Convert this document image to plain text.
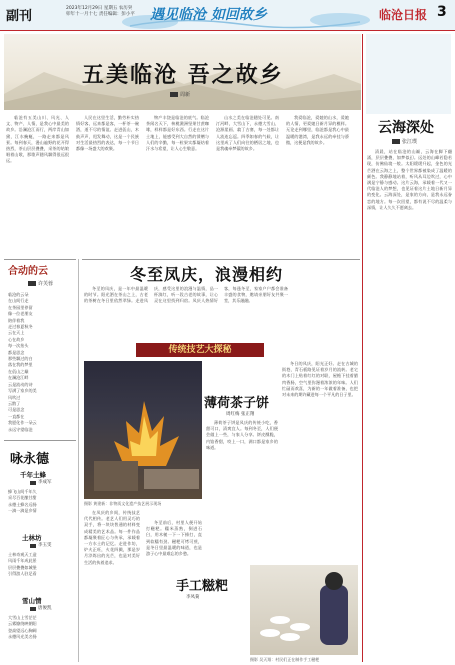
副刊
2023年12月29日 星期五 农历癸卯年十一月十七 责任编辑：彭小平 遇见临沧 如回故乡	临沧日报 3
五美临沧 吾之故乡
周新
临沧有五美山川、风光、人文、物产、人情，是我心中最美的故乡。沿澜沧江而行，两岸青山如黛，江水蜿蜒，一路走来都是风景。每到春天，漫山遍野的花开得热烈，茶山层层叠叠，采茶的姑娘唱着山歌，那歌声随风飘得很远很远。
人民在这里生活，勤劳朴实热情好客，远来都是客，一杯茶一碗酒，道不尽的情谊。走进佤山，木鼓声声，甩发舞动，这是一个民族对生活最热烈的表达，每一个节日都像一场盛大的欢聚。
物产丰饶是临沧的底气。临沧茶闻名天下，核桃澳洲坚果甘蔗咖啡，样样都是好东西。行走在这片土地上，能感受到大自然的馈赠与人们的辛勤，每一粒果实都凝结着汗水与希望，让人心生敬意。
山水之美在临沧随处可见。南汀河畔，大雪山下，永德大雪山、沧源崖画、翁丁古寨，每一处都让人流连忘返。四季如春的气候，让这里成了人们向往的栖居之地，也是我魂牵梦萦的故乡。
我爱临沧，爱她的山水，爱她的人情，更爱她日新月异的模样。无论走到哪里，临沧都是我心中最温暖的港湾，是我永远的牵挂与骄傲，这便是我的故乡。
云海深处
张江璞
清晨，站在临沧的山巅，云海在脚下翻涌，层层叠叠，如梦似幻。远处的山峰若隐若现，仿佛仙境一般。太阳缓缓升起，金色的光芒洒在云海之上，整个世界都被染成了温暖的颜色。我静静地站着，听风从耳边吹过，心中满是宁静与感动。这片云海，承载着一代又一代临沧人的梦想，也见证着这片土地日新月异的变化。云海深处，是家的方向，是我永远眷恋的地方。每一次回望，都有说不尽的温柔与深情，让人久久不愿离去。
合动的云
许芙蓉
临沧的云朵
在山间行走
在茶园里停留
像一位老朋友
陪伴着我
走过春夏秋冬
云在天上
心在故乡
每一次抬头
都是思念
那些飘过的白
落在我的梦里
在佤山之巅
在澜沧江畔
云是流动的诗
写满了家乡的美
风吹过
云散了
可是思念
一直都在
我愿化作一朵云
永远守望临沧
咏永德
千年土蜂
李成军
蜂飞山间千年久
采尽百花酿甘甜
永德土蜂名远扬
一滴一滴是乡情
土林坊
李玉雯
土林奇观天工造
风雨千年成此景
层层叠叠如城堡
引得游人驻足看
雪山情
唐俊凯
大雪山上雪茫茫
云雾缭绕映朝阳
登高望远心胸阔
永德风光美名扬
冬至凤庆，浪漫相约
冬至的凤庆，是一年中最温暖的时节。阳光洒在茶山之上，古老的茶树在冬日里依然翠绿。走进凤庆，感受这里的浪漫与温情，品一杯滇红，听一段古老的故事，让心灵在这里找到归宿。凤庆人热情好客，每逢冬至，家家户户都会准备丰盛的食物，邀请亲朋好友共聚一堂，其乐融融。
传统技艺大探秘
摄影 黄建新：非物质文化遗产技艺展示现场
在凤庆的乡间，传统技艺代代相传。老艺人们用灵巧的双手，将一块块普通的材料变成精美的艺术品。每一件作品都凝聚着匠心与传承，承载着一方水土的记忆。走进作坊，炉火正旺，火花四溅，那是岁月淬炼出的光芒，也是对美好生活的执着追求。
薄荷茶子饼
周红梅 张正翔
薄荷茶子饼是凤庆的传统小吃，香甜可口，清爽宜人。每到冬至，人们便会做上一些，与家人分享。饼皮酥脆，内馅香甜，咬上一口，满口都是家乡的味道。
手工糍粑
李凤菊
冬至前后，村里人便开始打糍粑。糯米蒸熟，倒进石臼，用木槌一下一下捶打，直到软糯有劲。糍粑可烤可煎，是冬日里最温暖的味道，也是游子心中最难忘的乡愁。
冬日的凤庆，阳光正好。走在古城的街巷，青石板路见证着岁月的流转。老宅的木门上贴着红红的对联，屋檐下挂着腊肉香肠，空气里弥漫着浓浓的年味。人们忙碌而欢喜，为新的一年做着准备，也把对未来的期许藏进每一个平凡的日子里。
摄影 吴天翔：村民们正在制作手工糍粑
